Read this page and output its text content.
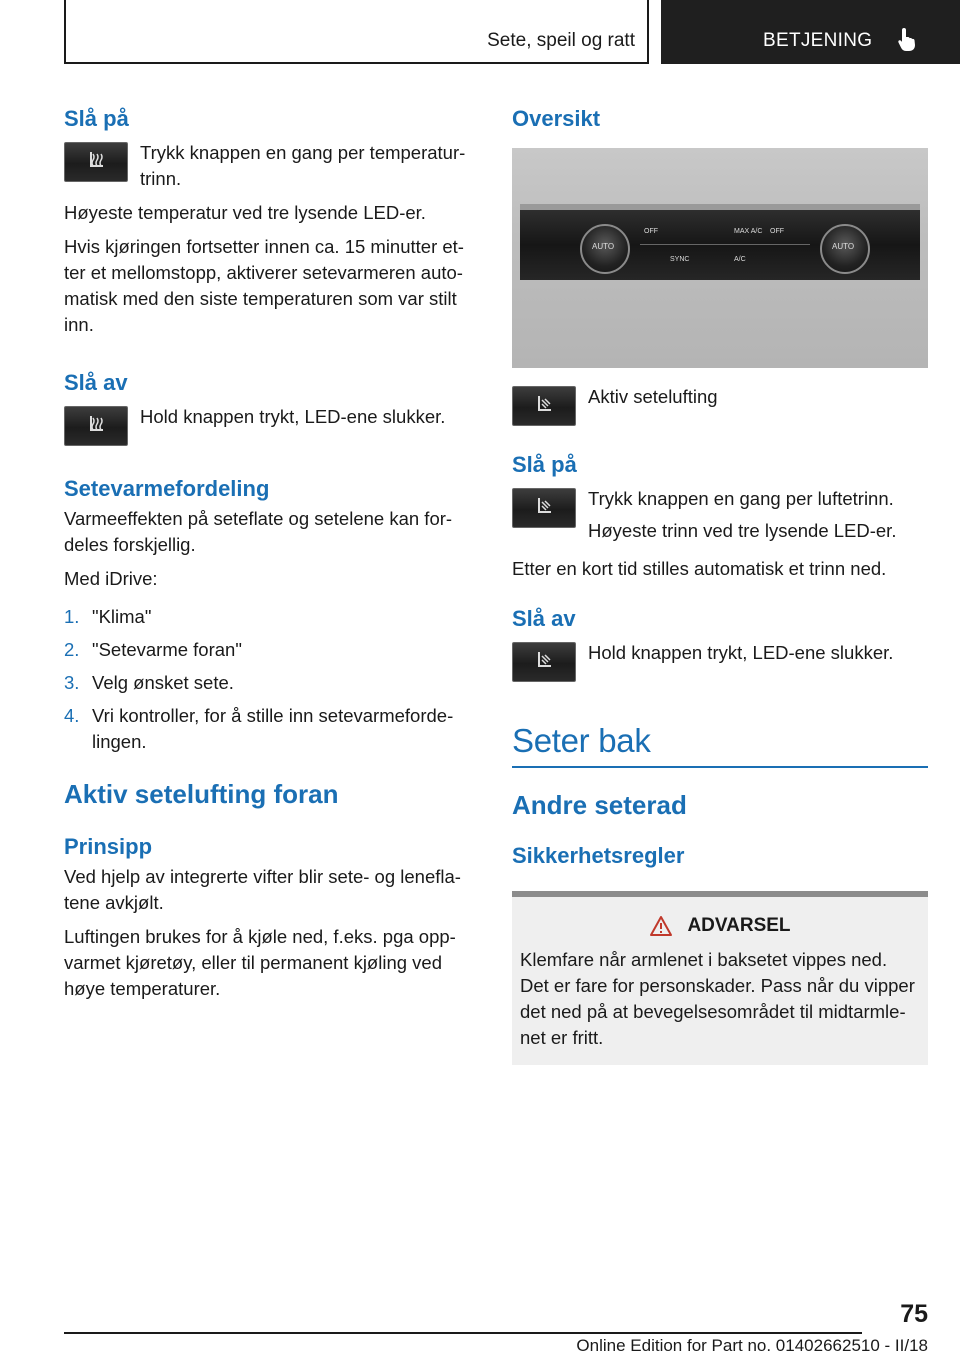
Sete, speil og ratt	BETJENING
Slå på

Trykk knappen en gang per temperatur-trinn.

Høyeste temperatur ved tre lysende LED-er.

Hvis kjøringen fortsetter innen ca. 15 minutter et-ter et mellomstopp, aktiverer setevarmeren auto-matisk med den siste temperaturen som var stilt inn.

Slå av

Hold knappen trykt, LED-ene slukker.

Setevarmefordeling

Varmeeffekten på seteflate og setelene kan for-deles forskjellig.

Med iDrive:

1. "Klima"
2. "Setevarme foran"
3. Velg ønsket sete.
4. Vri kontroller, for å stille inn setevarmeforde-lingen.
Aktiv setelufting foran
Prinsipp

Ved hjelp av integrerte vifter blir sete- og lenefla-tene avkjølt.

Luftingen brukes for å kjøle ned, f.eks. pga opp-varmet kjøretøy, eller til permanent kjøling ved høye temperaturer.

Oversikt
AUTO	AUTO
MAX A/C OFF
OFF
SYNC	A/C

Aktiv setelufting

Slå på

Trykk knappen en gang per luftetrinn.

Høyeste trinn ved tre lysende LED-er.

Etter en kort tid stilles automatisk et trinn ned.

Slå av

Hold knappen trykt, LED-ene slukker.

Seter bak
Andre seterad
Sikkerhetsregler
ADVARSEL

Klemfare når armlenet i baksetet vippes ned. Det er fare for personskader. Pass når du vipper det ned på at bevegelsesområdet til midtarmle-net er fritt.

75
Online Edition for Part no. 01402662510 - II/18
